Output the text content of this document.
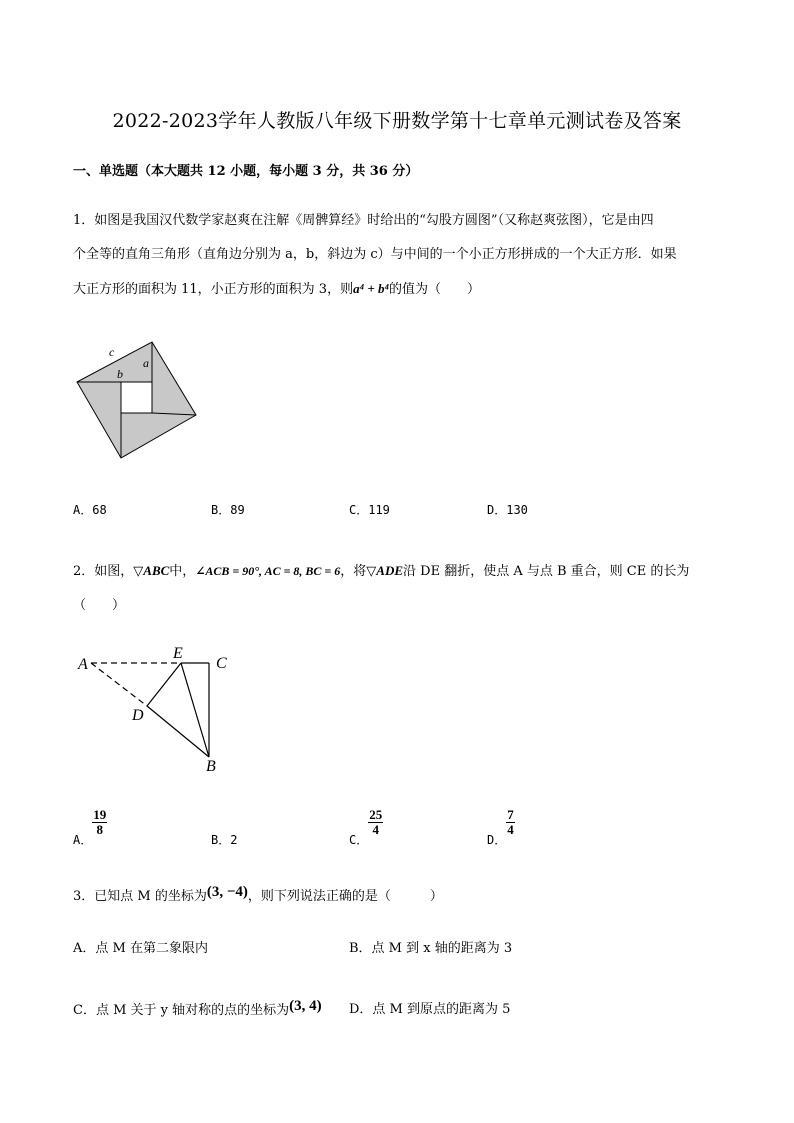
2022-2023学年人教版八年级下册数学第十七章单元测试卷及答案
一、单选题（本大题共 12 小题，每小题 3 分，共 36 分）
1．如图是我国汉代数学家赵爽在注解《周髀算经》时给出的“勾股方圆图”（又称赵爽弦图），它是由四
个全等的直角三角形（直角边分别为 a，b，斜边为 c）与中间的一个小正方形拼成的一个大正方形．如果
大正方形的面积为 11，小正方形的面积为 3，则a⁴ + b⁴的值为（　　）
c
a
b
A．68	B．89	C．119	D．130
2．如图，▽ABC中，∠ACB = 90°, AC = 8, BC = 6，将▽ADE沿 DE 翻折，使点 A 与点 B 重合，则 CE 的长为
（　　）
A
E
C
D
B
A．
$\frac{19}{8}$
B．2	C．
$\frac{25}{4}$
D．
$\frac{7}{4}$
3．已知点 M 的坐标为(3, −4)，则下列说法正确的是（　　　）
A．点 M 在第二象限内	B．点 M 到 x 轴的距离为 3
C．点 M 关于 y 轴对称的点的坐标为(3, 4) D．点 M 到原点的距离为 5
